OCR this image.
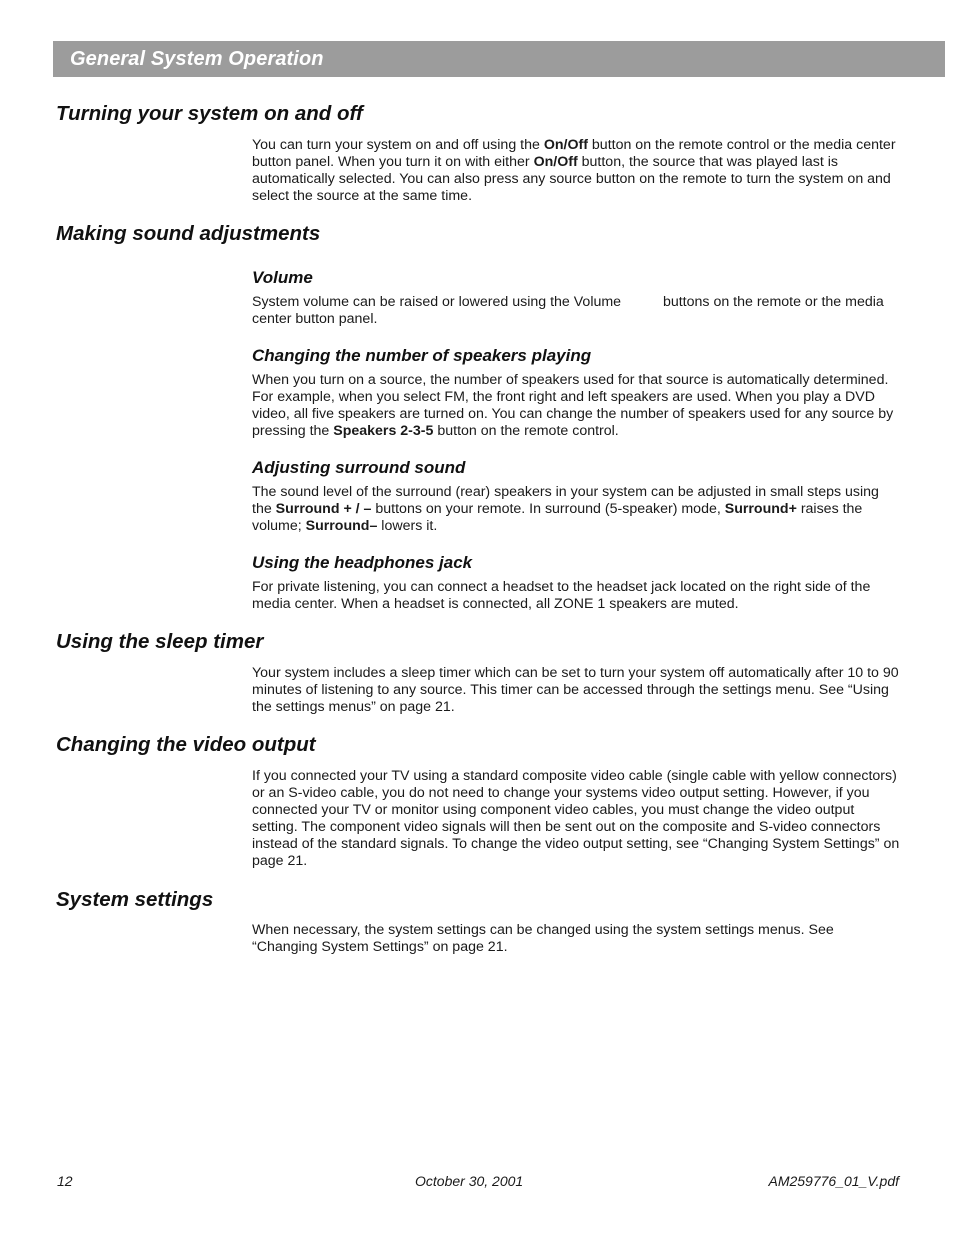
General System Operation
Turning your system on and off

You can turn your system on and off using the On/Off button on the remote control or the media center button panel. When you turn it on with either On/Off button, the source that was played last is automatically selected. You can also press any source button on the remote to turn the system on and select the source at the same time.

Making sound adjustments
Volume

System volume can be raised or lowered using the Volume  buttons on the remote or the media center button panel.

Changing the number of speakers playing

When you turn on a source, the number of speakers used for that source is automatically determined. For example, when you select FM, the front right and left speakers are used. When you play a DVD video, all five speakers are turned on. You can change the number of speakers used for any source by pressing the Speakers 2-3-5 button on the remote control.

Adjusting surround sound

The sound level of the surround (rear) speakers in your system can be adjusted in small steps using the Surround + / – buttons on your remote. In surround (5-speaker) mode, Surround+ raises the volume; Surround– lowers it.

Using the headphones jack

For private listening, you can connect a headset to the headset jack located on the right side of the media center. When a headset is connected, all ZONE 1 speakers are muted.

Using the sleep timer

Your system includes a sleep timer which can be set to turn your system off automatically after 10 to 90 minutes of listening to any source. This timer can be accessed through the settings menu. See “Using the settings menus” on page 21.

Changing the video output

If you connected your TV using a standard composite video cable (single cable with yellow connectors) or an S-video cable, you do not need to change your systems video output setting. However, if you connected your TV or monitor using component video cables, you must change the video output setting. The component video signals will then be sent out on the composite and S-video connectors instead of the standard signals. To change the video output setting, see “Changing System Settings” on page 21.

System settings

When necessary, the system settings can be changed using the system settings menus. See “Changing System Settings” on page 21.

12	October 30, 2001	AM259776_01_V.pdf
